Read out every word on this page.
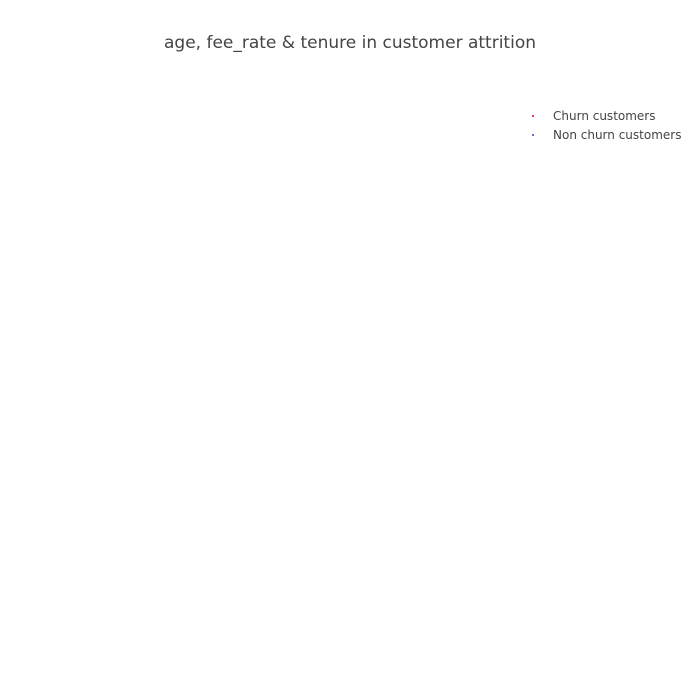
age, fee_rate & tenure in customer attrition
Churn customers
Non churn customers
